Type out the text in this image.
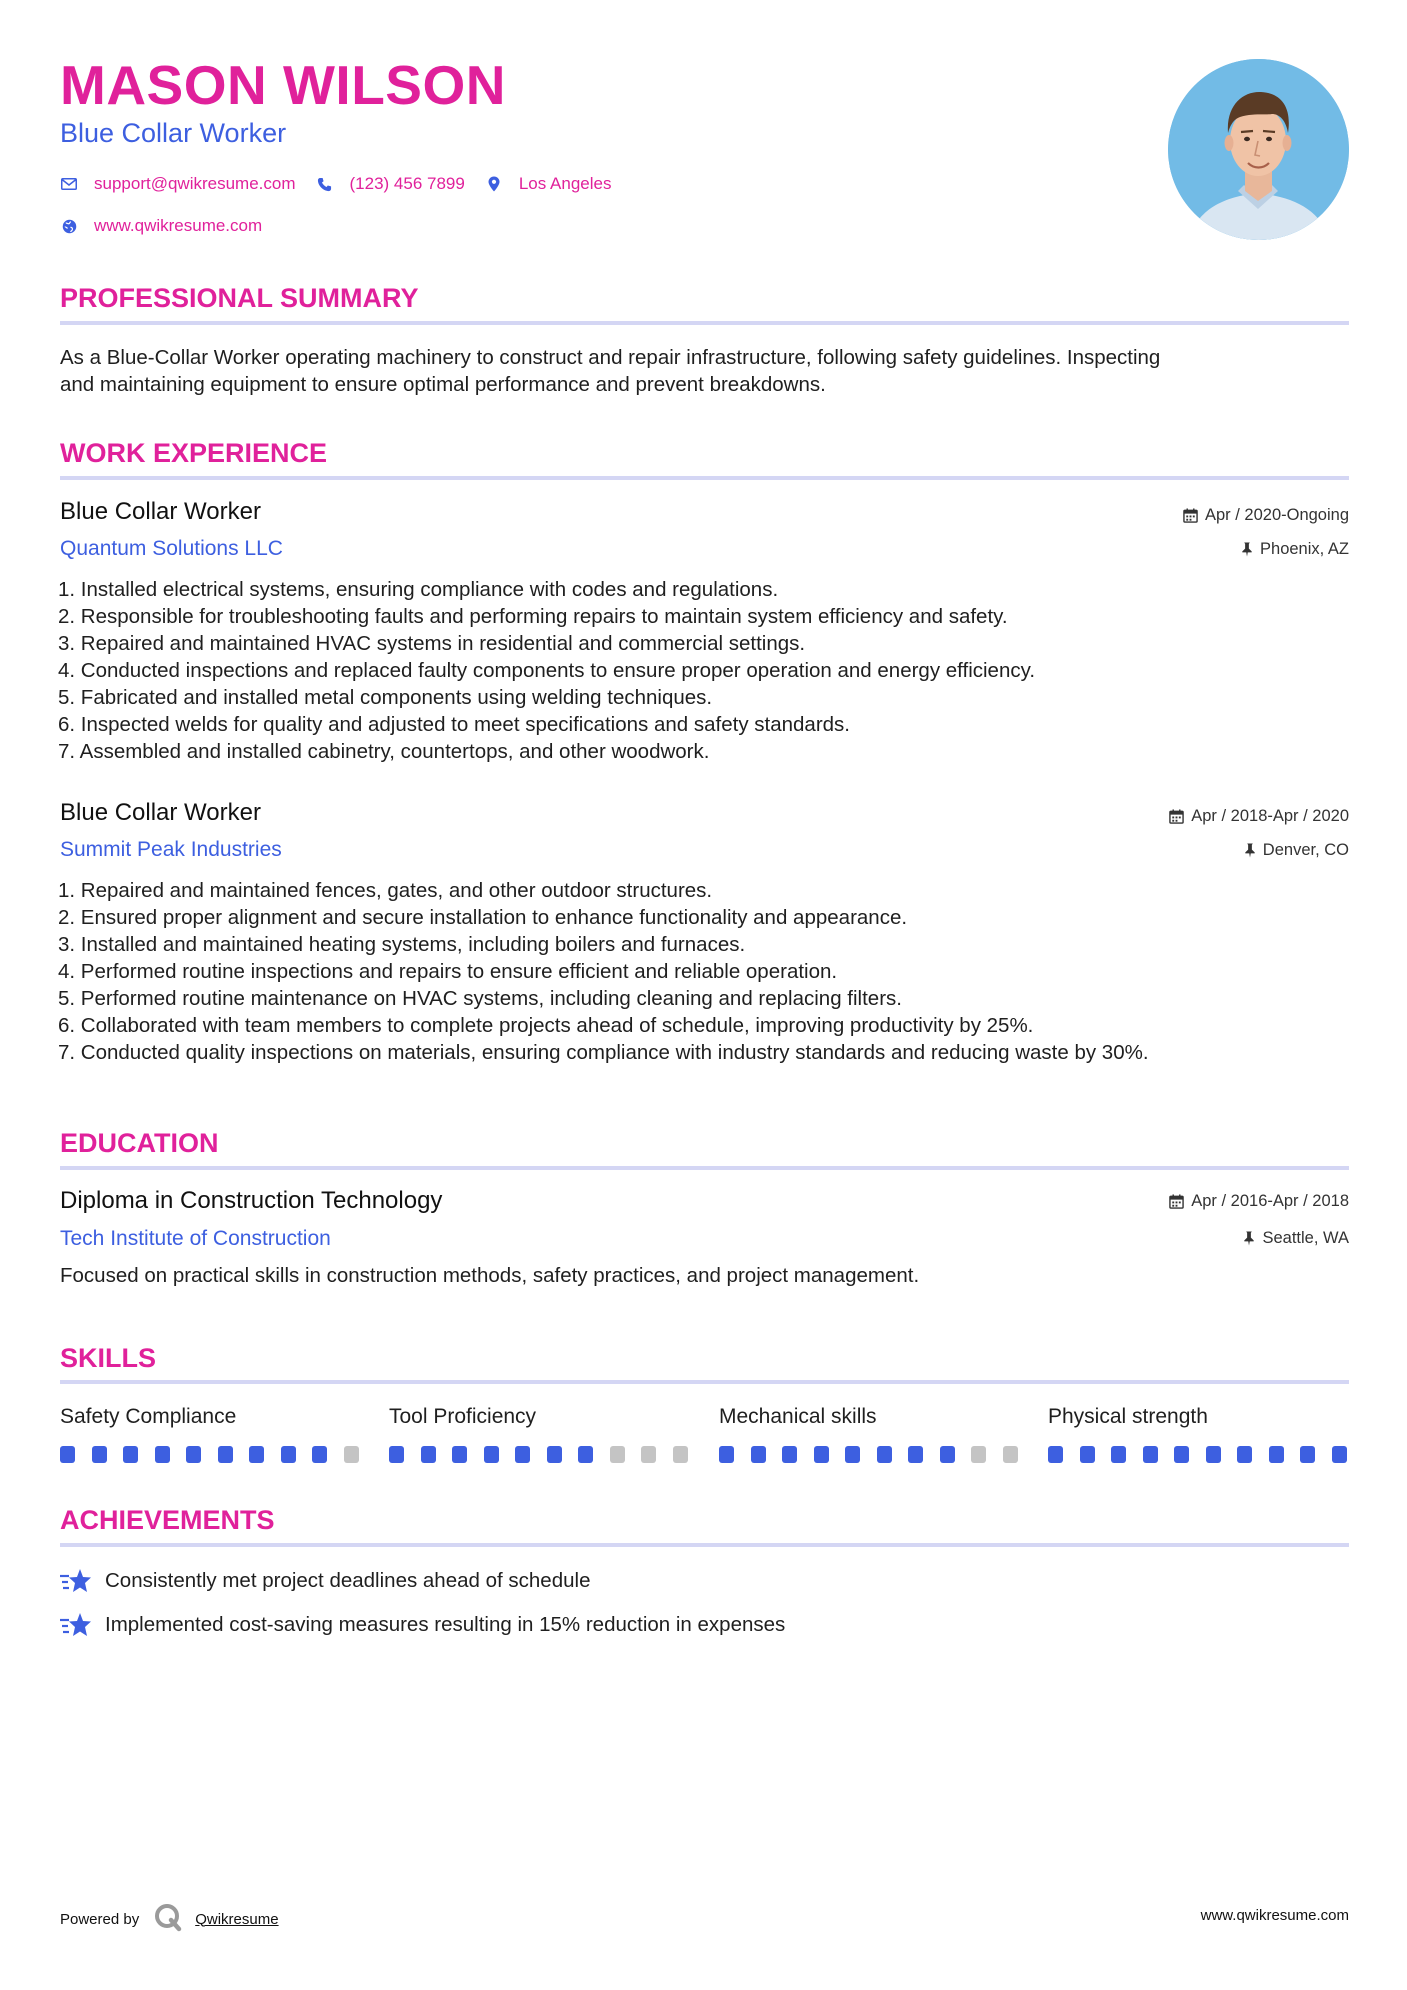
MASON WILSON
Blue Collar Worker
support@qwikresume.com	(123) 456 7899	Los Angeles
www.qwikresume.com
PROFESSIONAL SUMMARY
As a Blue-Collar Worker operating machinery to construct and repair infrastructure, following safety guidelines. Inspecting
and maintaining equipment to ensure optimal performance and prevent breakdowns.
WORK EXPERIENCE
Blue Collar Worker	Apr / 2020-Ongoing
Quantum Solutions LLC	Phoenix, AZ
1. Installed electrical systems, ensuring compliance with codes and regulations.
2. Responsible for troubleshooting faults and performing repairs to maintain system efficiency and safety.
3. Repaired and maintained HVAC systems in residential and commercial settings.
4. Conducted inspections and replaced faulty components to ensure proper operation and energy efficiency.
5. Fabricated and installed metal components using welding techniques.
6. Inspected welds for quality and adjusted to meet specifications and safety standards.
7. Assembled and installed cabinetry, countertops, and other woodwork.
Blue Collar Worker	Apr / 2018-Apr / 2020
Summit Peak Industries	Denver, CO
1. Repaired and maintained fences, gates, and other outdoor structures.
2. Ensured proper alignment and secure installation to enhance functionality and appearance.
3. Installed and maintained heating systems, including boilers and furnaces.
4. Performed routine inspections and repairs to ensure efficient and reliable operation.
5. Performed routine maintenance on HVAC systems, including cleaning and replacing filters.
6. Collaborated with team members to complete projects ahead of schedule, improving productivity by 25%.
7. Conducted quality inspections on materials, ensuring compliance with industry standards and reducing waste by 30%.
EDUCATION
Diploma in Construction Technology	Apr / 2016-Apr / 2018
Tech Institute of Construction	Seattle, WA
Focused on practical skills in construction methods, safety practices, and project management.
SKILLS
Safety Compliance	Tool Proficiency	Mechanical skills	Physical strength
ACHIEVEMENTS
Consistently met project deadlines ahead of schedule
Implemented cost-saving measures resulting in 15% reduction in expenses
Powered by	Qwikresume	www.qwikresume.com
